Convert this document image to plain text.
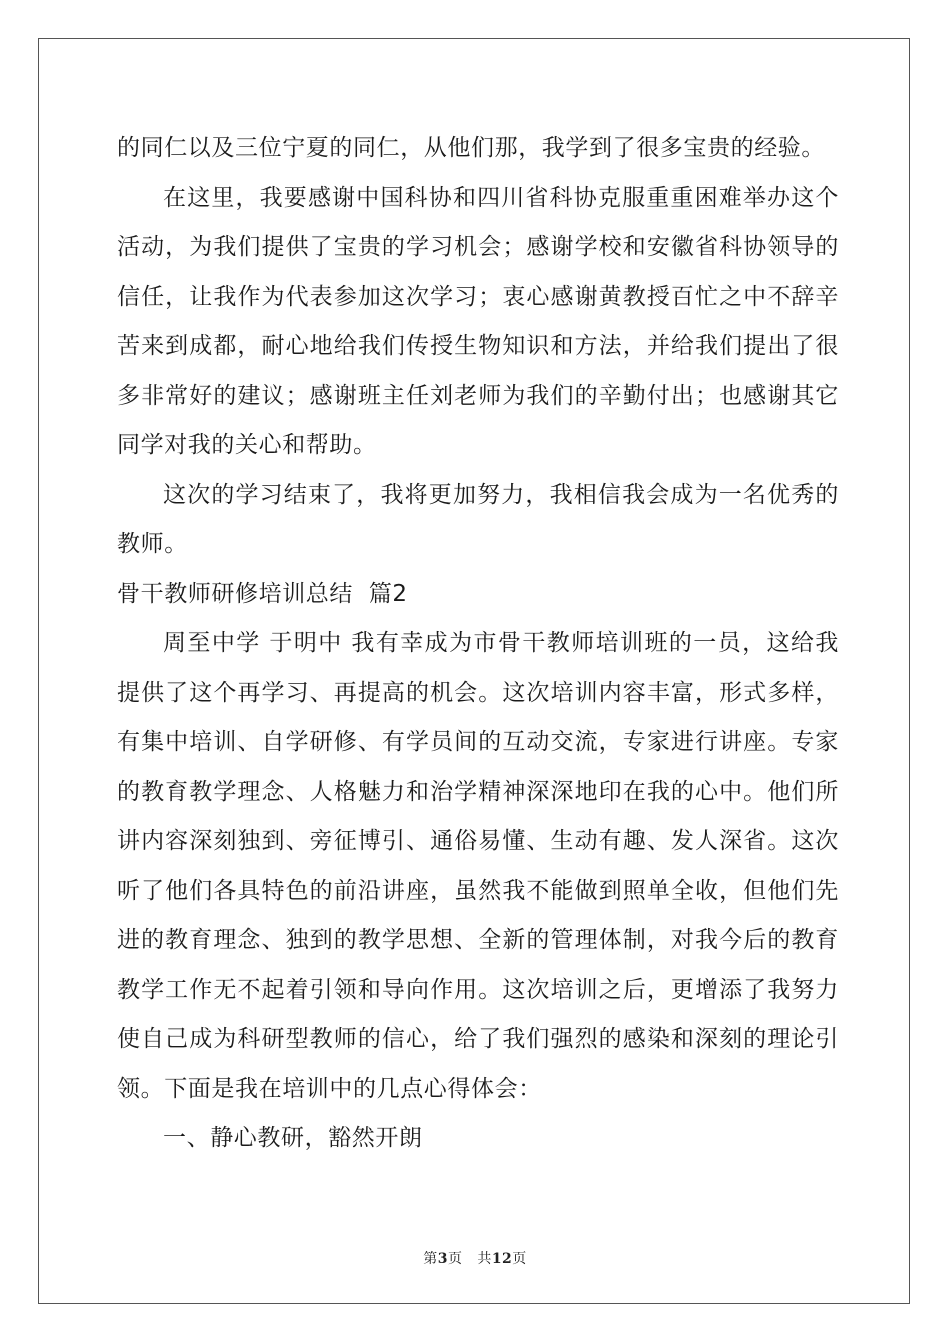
的同仁以及三位宁夏的同仁，从他们那，我学到了很多宝贵的经验。

在这里，我要感谢中国科协和四川省科协克服重重困难举办这个活动，为我们提供了宝贵的学习机会；感谢学校和安徽省科协领导的信任，让我作为代表参加这次学习；衷心感谢黄教授百忙之中不辞辛苦来到成都，耐心地给我们传授生物知识和方法，并给我们提出了很多非常好的建议；感谢班主任刘老师为我们的辛勤付出；也感谢其它同学对我的关心和帮助。

这次的学习结束了，我将更加努力，我相信我会成为一名优秀的教师。

骨干教师研修培训总结  篇2

周至中学 于明中 我有幸成为市骨干教师培训班的一员，这给我提供了这个再学习、再提高的机会。这次培训内容丰富，形式多样，有集中培训、自学研修、有学员间的互动交流，专家进行讲座。专家的教育教学理念、人格魅力和治学精神深深地印在我的心中。他们所讲内容深刻独到、旁征博引、通俗易懂、生动有趣、发人深省。这次听了他们各具特色的前沿讲座，虽然我不能做到照单全收，但他们先进的教育理念、独到的教学思想、全新的管理体制，对我今后的教育教学工作无不起着引领和导向作用。这次培训之后，更增添了我努力使自己成为科研型教师的信心，给了我们强烈的感染和深刻的理论引领。下面是我在培训中的几点心得体会：

一、静心教研，豁然开朗

第3页 共12页
